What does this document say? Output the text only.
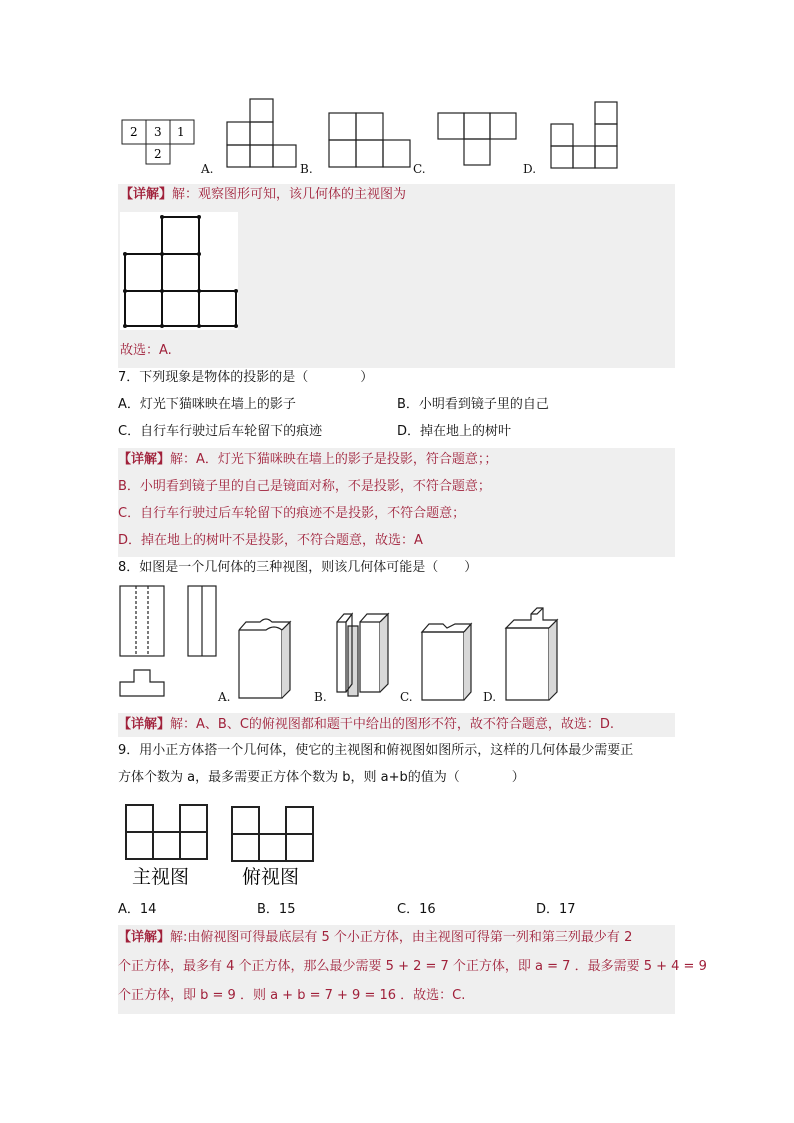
2 3 1
2
A.	B.	C.	D.
【详解】解：观察图形可知，该几何体的主视图为
故选：A.
7．下列现象是物体的投影的是（　　　　）
A．灯光下猫咪映在墙上的影子	B．小明看到镜子里的自己
C．自行车行驶过后车轮留下的痕迹	D．掉在地上的树叶
【详解】解：A．灯光下猫咪映在墙上的影子是投影，符合题意；；
B．小明看到镜子里的自己是镜面对称，不是投影，不符合题意；
C．自行车行驶过后车轮留下的痕迹不是投影，不符合题意；
D．掉在地上的树叶不是投影，不符合题意，故选：A
8．如图是一个几何体的三种视图，则该几何体可能是（　　）
A.	B.	C.	D.
【详解】解：A、B、C的俯视图都和题干中给出的图形不符，故不符合题意，故选：D.
9．用小正方体搭一个几何体，使它的主视图和俯视图如图所示，这样的几何体最少需要正
方体个数为 a，最多需要正方体个数为 b，则 a+b的值为（　　　　）
主视图	俯视图
A．14	B．15	C．16	D．17
【详解】解:由俯视图可得最底层有 5 个小正方体，由主视图可得第一列和第三列最少有 2
个正方体，最多有 4 个正方体，那么最少需要 5 + 2 = 7 个正方体，即 a = 7 ．最多需要 5 + 4 = 9
个正方体，即 b = 9 ．则 a + b = 7 + 9 = 16 ．故选：C.
